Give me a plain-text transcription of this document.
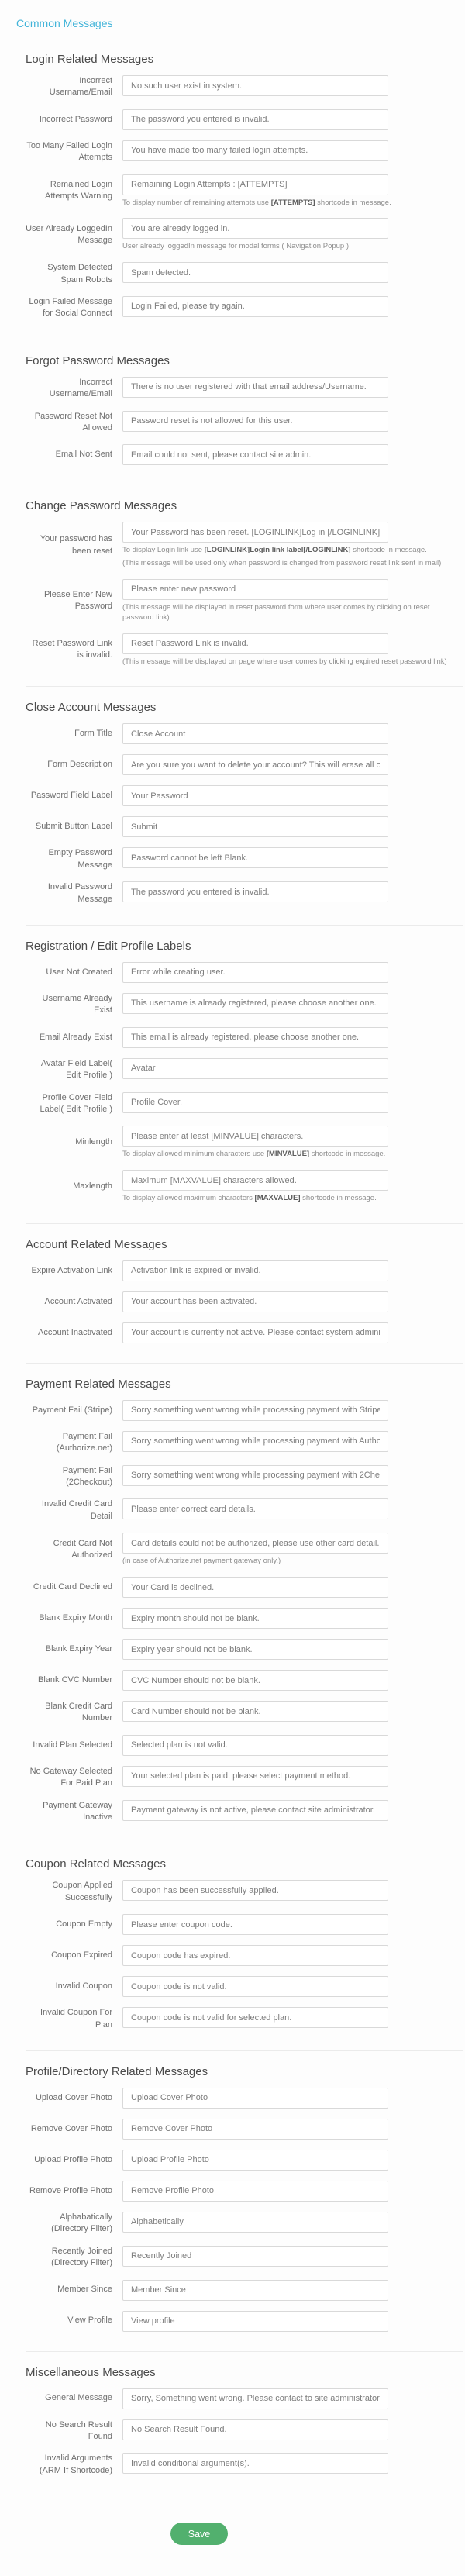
Common Messages
Login Related Messages
Incorrect Username/Email
No such user exist in system.
Incorrect Password
The password you entered is invalid.
Too Many Failed Login Attempts
You have made too many failed login attempts.
Remained Login Attempts Warning
Remaining Login Attempts : [ATTEMPTS]
To display number of remaining attempts use [ATTEMPTS] shortcode in message.
User Already LoggedIn Message
You are already logged in.
User already loggedIn message for modal forms ( Navigation Popup )
System Detected Spam Robots
Spam detected.
Login Failed Message for Social Connect
Login Failed, please try again.
Forgot Password Messages
Incorrect Username/Email
There is no user registered with that email address/Username.
Password Reset Not Allowed
Password reset is not allowed for this user.
Email Not Sent
Email could not sent, please contact site admin.
Change Password Messages
Your password has been reset
Your Password has been reset. [LOGINLINK]Log in [/LOGINLINK] To display Login link use [LOGINLINK]Login link label[/LOGINLINK] shortcode in message.
(This message will be used only when password is changed from password reset link sent in mail)
Please Enter New Password
Please enter new password (This message will be displayed in reset password form where user comes by clicking on reset password link)
Reset Password Link is invalid.
Reset Password Link is invalid.
(This message will be displayed on page where user comes by clicking expired reset password link)
Close Account Messages
Form Title
Close Account
Form Description
Are you sure you want to delete your account? This will erase all of your account data
Password Field Label
Your Password
Submit Button Label
Submit
Empty Password Message
Password cannot be left Blank.
Invalid Password Message
The password you entered is invalid.
Registration / Edit Profile Labels
User Not Created
Error while creating user.
Username Already Exist
This username is already registered, please choose another one.
Email Already Exist
This email is already registered, please choose another one.
Avatar Field Label( Edit Profile )
Avatar
Profile Cover Field Label( Edit Profile )
Profile Cover.
Minlength
Please enter at least [MINVALUE] characters.
To display allowed minimum characters use [MINVALUE] shortcode in message.
Maxlength
Maximum [MAXVALUE] characters allowed.
To display allowed maximum characters [MAXVALUE] shortcode in message.
Account Related Messages
Expire Activation Link
Activation link is expired or invalid.
Account Activated
Your account has been activated.
Account Inactivated
Your account is currently not active. Please contact system administrator
Payment Related Messages
Payment Fail (Stripe)
Sorry something went wrong while processing payment with Stripe.
Payment Fail (Authorize.net)
Sorry something went wrong while processing payment with Authorize.Net.
Payment Fail (2Checkout)
Sorry something went wrong while processing payment with 2Checkout.
Invalid Credit Card Detail
Please enter correct card details.
Credit Card Not Authorized
Card details could not be authorized, please use other card detail.
(in case of Authorize.net payment gateway only.)
Credit Card Declined
Your Card is declined.
Blank Expiry Month
Expiry month should not be blank.
Blank Expiry Year
Expiry year should not be blank.
Blank CVC Number
CVC Number should not be blank.
Blank Credit Card Number
Card Number should not be blank.
Invalid Plan Selected
Selected plan is not valid.
No Gateway Selected For Paid Plan
Your selected plan is paid, please select payment method.
Payment Gateway Inactive
Payment gateway is not active, please contact site administrator.
Coupon Related Messages
Coupon Applied Successfully
Coupon has been successfully applied.
Coupon Empty
Please enter coupon code.
Coupon Expired
Coupon code has expired.
Invalid Coupon
Coupon code is not valid.
Invalid Coupon For Plan
Coupon code is not valid for selected plan.
Profile/Directory Related Messages
Upload Cover Photo
Upload Cover Photo
Remove Cover Photo
Remove Cover Photo
Upload Profile Photo
Upload Profile Photo
Remove Profile Photo
Remove Profile Photo
Alphabatically (Directory Filter)
Alphabetically
Recently Joined (Directory Filter)
Recently Joined
Member Since
Member Since
View Profile
View profile
Miscellaneous Messages
General Message
Sorry, Something went wrong. Please contact to site administrator.
No Search Result Found
No Search Result Found.
Invalid Arguments (ARM If Shortcode)
Invalid conditional argument(s).
Save
